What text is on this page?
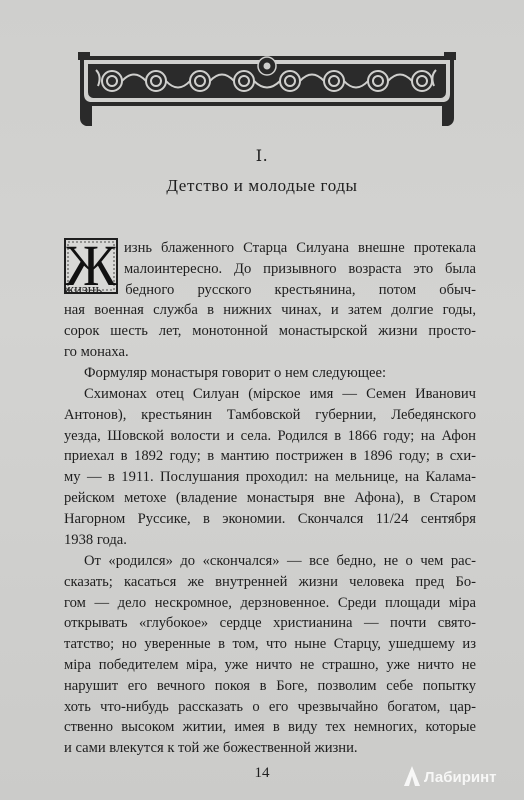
I.
Детство и молодые годы
Ж изнь блаженного Старца Силуана внешне протекала
малоинтересно. До призывного возраста это была
жизнь бедного русского крестьянина, потом обыч-
ная военная служба в нижних чинах, и затем долгие годы,
сорок шесть лет, монотонной монастырской жизни просто-
го монаха.
Формуляр монастыря говорит о нем следующее:
Схимонах отец Силуан (мірское имя — Семен Иванович
Антонов), крестьянин Тамбовской губернии, Лебедянского
уезда, Шовской волости и села. Родился в 1866 году; на Афон
приехал в 1892 году; в мантию пострижен в 1896 году; в схи-
му — в 1911. Послушания проходил: на мельнице, на Каламa-
рейском метохе (владение монастыря вне Афона), в Старом
Нагорном Руссике, в экономии. Скончался 11/24 сентября
1938 года.
От «родился» до «скончался» — все бедно, не о чем рас-
сказать; касаться же внутренней жизни человека пред Бо-
гом — дело нескромное, дерзновенное. Среди площади міра
открывать «глубокое» сердце христианина — почти свято-
татство; но уверенные в том, что ныне Старцу, ушедшему из
міра победителем міра, уже ничто не страшно, уже ничто не
нарушит его вечного покоя в Боге, позволим себе попытку
хоть что-нибудь рассказать о его чрезвычайно богатом, цар-
ственно высоком житии, имея в виду тех немногих, которые
и сами влекутся к той же божественной жизни.
14	Лабиринт
